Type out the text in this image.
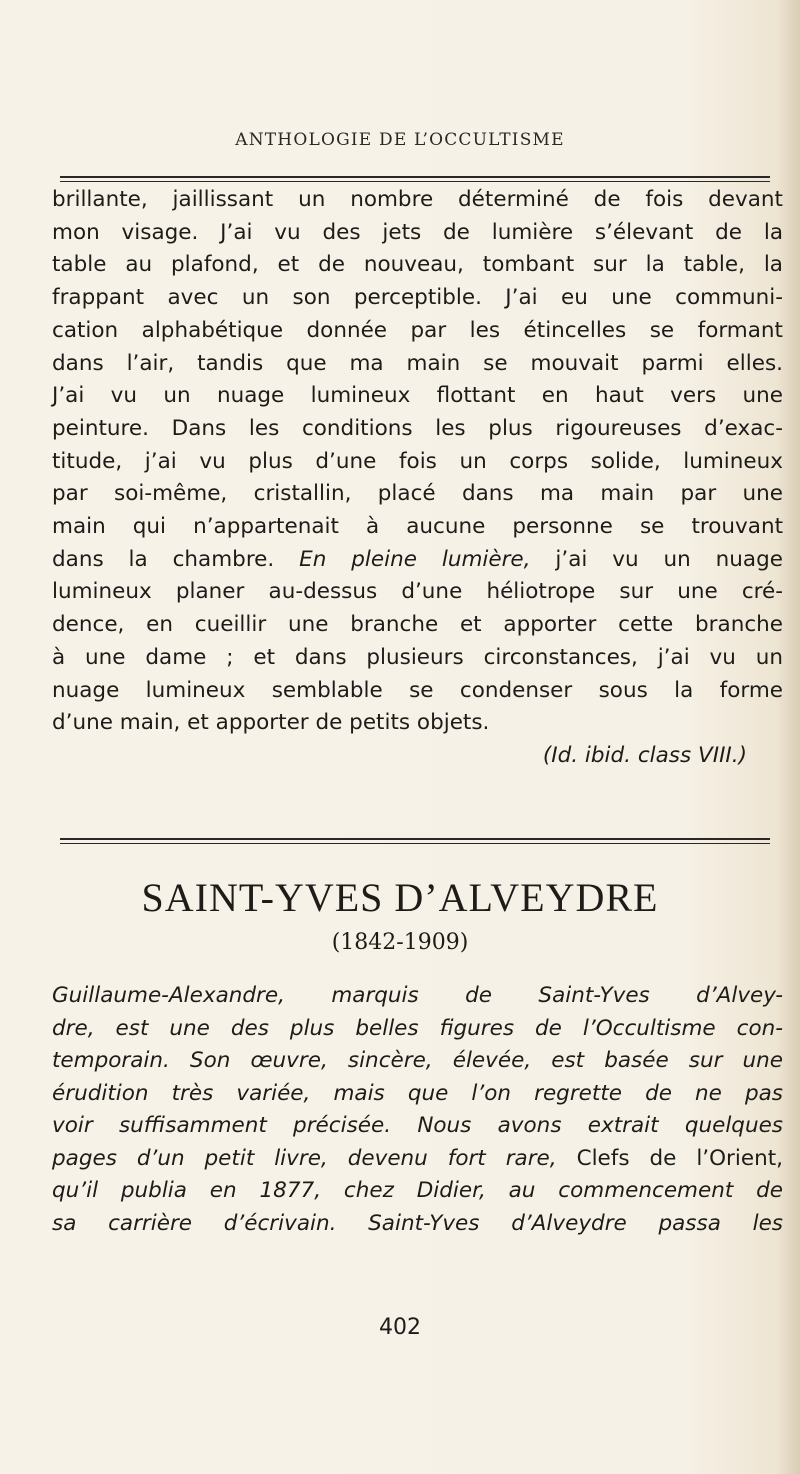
ANTHOLOGIE DE L’OCCULTISME
brillante, jaillissant un nombre déterminé de fois devant
mon visage. J’ai vu des jets de lumière s’élevant de la
table au plafond, et de nouveau, tombant sur la table, la
frappant avec un son perceptible. J’ai eu une communi-
cation alphabétique donnée par les étincelles se formant
dans l’air, tandis que ma main se mouvait parmi elles.
J’ai vu un nuage lumineux flottant en haut vers une
peinture. Dans les conditions les plus rigoureuses d’exac-
titude, j’ai vu plus d’une fois un corps solide, lumineux
par soi-même, cristallin, placé dans ma main par une
main qui n’appartenait à aucune personne se trouvant
dans la chambre. En pleine lumière, j’ai vu un nuage
lumineux planer au-dessus d’une héliotrope sur une cré-
dence, en cueillir une branche et apporter cette branche
à une dame ; et dans plusieurs circonstances, j’ai vu un
nuage lumineux semblable se condenser sous la forme
d’une main, et apporter de petits objets.
(Id. ibid. class VIII.)
SAINT-YVES D’ALVEYDRE
(1842-1909)
Guillaume-Alexandre, marquis de Saint-Yves d’Alvey-
dre, est une des plus belles figures de l’Occultisme con-
temporain. Son œuvre, sincère, élevée, est basée sur une
érudition très variée, mais que l’on regrette de ne pas
voir suffisamment précisée. Nous avons extrait quelques
pages d’un petit livre, devenu fort rare, Clefs de l’Orient,
qu’il publia en 1877, chez Didier, au commencement de
sa carrière d’écrivain. Saint-Yves d’Alveydre passa les
402
